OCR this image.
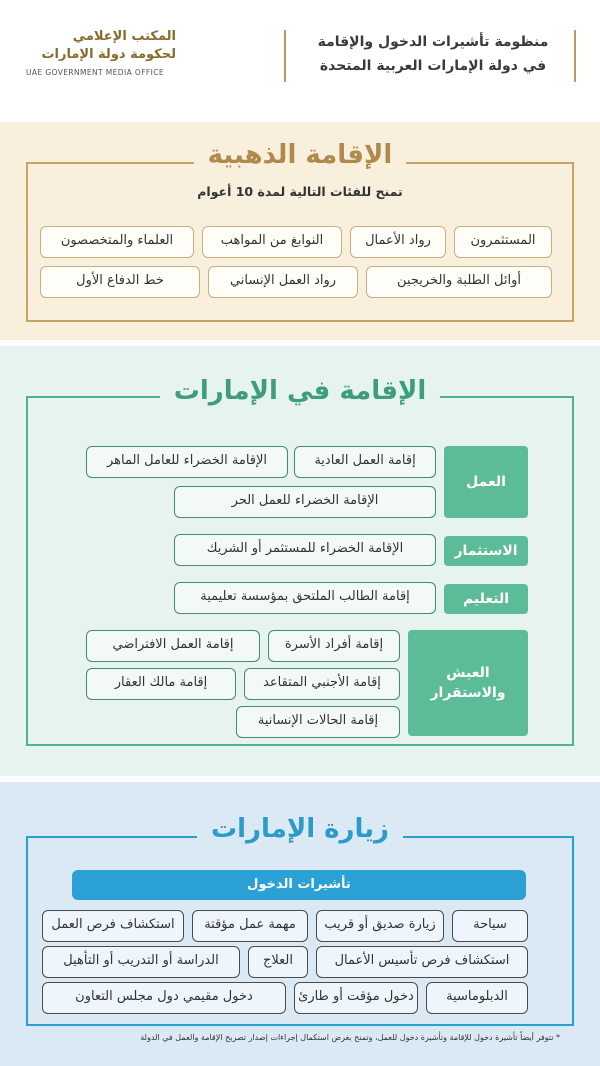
منظومة تأشيرات الدخول والإقامة
في دولة الإمارات العربية المتحدة
المكتب الإعلامي
لحكومة دولة الإمارات
UAE GOVERNMENT MEDIA OFFICE
الإقامة الذهبية
تمنح للفئات التالية لمدة 10 أعوام
المستثمرون
رواد الأعمال
النوابغ من المواهب
العلماء والمتخصصون
أوائل الطلبة والخريجين
رواد العمل الإنساني
خط الدفاع الأول
الإقامة في الإمارات
العمل
إقامة العمل العادية
الإقامة الخضراء للعامل الماهر
الإقامة الخضراء للعمل الحر
الاستثمار
الإقامة الخضراء للمستثمر أو الشريك
التعليم
إقامة الطالب الملتحق بمؤسسة تعليمية
العيش والاستقرار
إقامة أفراد الأسرة
إقامة العمل الافتراضي
إقامة الأجنبي المتقاعد
إقامة مالك العقار
إقامة الحالات الإنسانية
زيارة الإمارات
تأشيرات الدخول
سياحة
زيارة صديق أو قريب
مهمة عمل مؤقتة
استكشاف فرص العمل
استكشاف فرص تأسيس الأعمال
العلاج
الدراسة أو التدريب أو التأهيل
الدبلوماسية
دخول مؤقت أو طارئ
دخول مقيمي دول مجلس التعاون
* تتوفر أيضاً تأشيرة دخول للإقامة وتأشيرة دخول للعمل، وتمنح بغرض استكمال إجراءات إصدار تصريح الإقامة والعمل في الدولة
